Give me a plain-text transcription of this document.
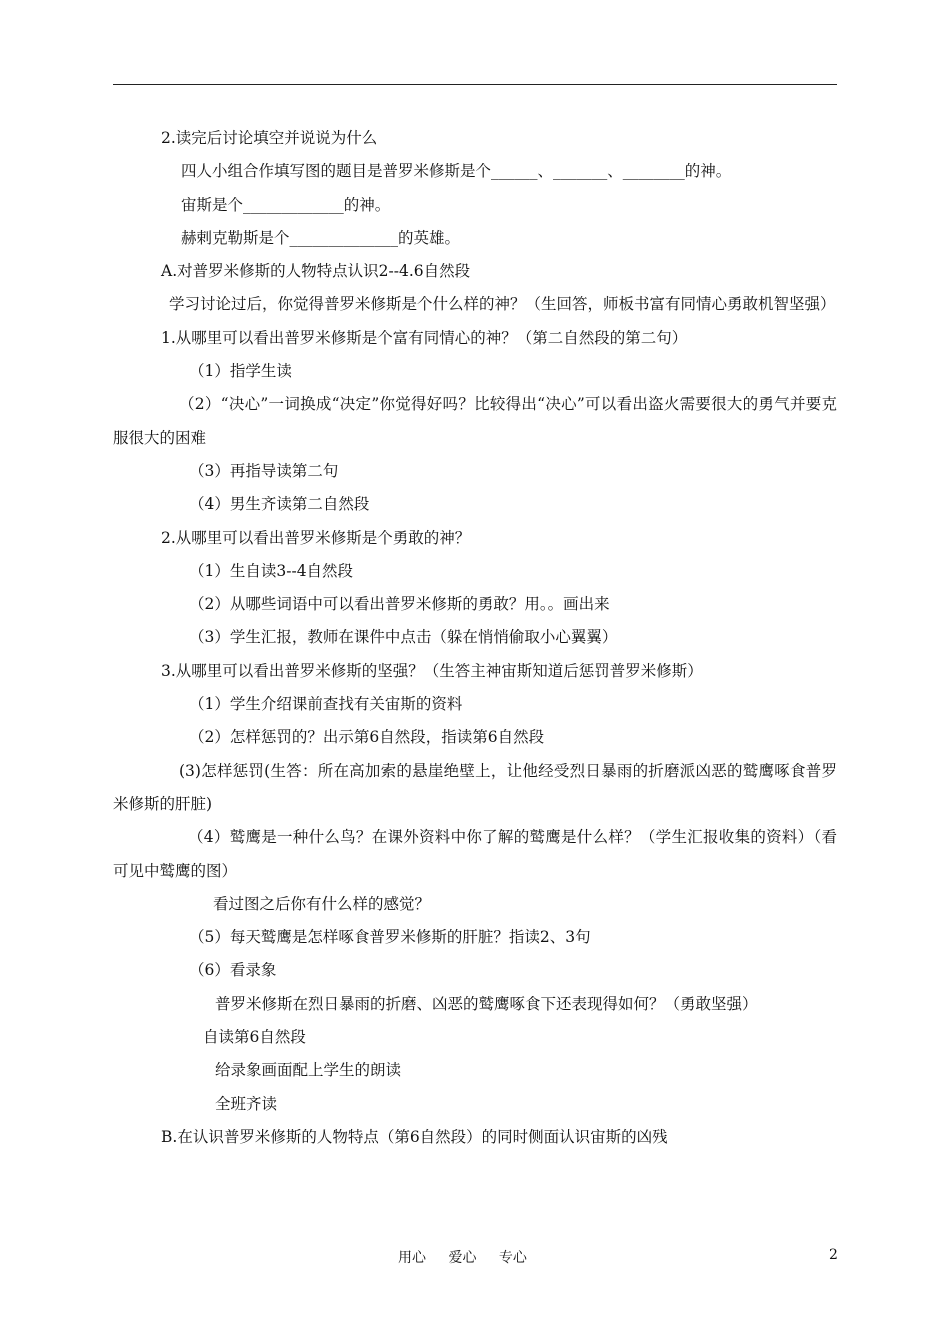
2.读完后讨论填空并说说为什么
四人小组合作填写图的题目是普罗米修斯是个______、_______、________的神。
宙斯是个_____________的神。
赫剌克勒斯是个______________的英雄。
A.对普罗米修斯的人物特点认识2--4.6自然段
学习讨论过后，你觉得普罗米修斯是个什么样的神？（生回答，师板书富有同情心勇敢机智坚强）
1.从哪里可以看出普罗米修斯是个富有同情心的神？（第二自然段的第二句）
（1）指学生读
（2）“决心”一词换成“决定”你觉得好吗？比较得出“决心”可以看出盗火需要很大的勇气并要克服很大的困难
（3）再指导读第二句
（4）男生齐读第二自然段
2.从哪里可以看出普罗米修斯是个勇敢的神？
（1）生自读3--4自然段
（2）从哪些词语中可以看出普罗米修斯的勇敢？用。。画出来
（3）学生汇报，教师在课件中点击（躲在悄悄偷取小心翼翼）
3.从哪里可以看出普罗米修斯的坚强？（生答主神宙斯知道后惩罚普罗米修斯）
（1）学生介绍课前查找有关宙斯的资料
（2）怎样惩罚的？出示第6自然段，指读第6自然段
(3)怎样惩罚(生答：所在高加索的悬崖绝壁上，让他经受烈日暴雨的折磨派凶恶的鹫鹰啄食普罗米修斯的肝脏)
（4）鹫鹰是一种什么鸟？在课外资料中你了解的鹫鹰是什么样？（学生汇报收集的资料）（看可见中鹫鹰的图）
看过图之后你有什么样的感觉？
（5）每天鹫鹰是怎样啄食普罗米修斯的肝脏？指读2、3句
（6）看录象
普罗米修斯在烈日暴雨的折磨、凶恶的鹫鹰啄食下还表现得如何？（勇敢坚强）
自读第6自然段
给录象画面配上学生的朗读
全班齐读
B.在认识普罗米修斯的人物特点（第6自然段）的同时侧面认识宙斯的凶残
用心 爱心 专心	2
